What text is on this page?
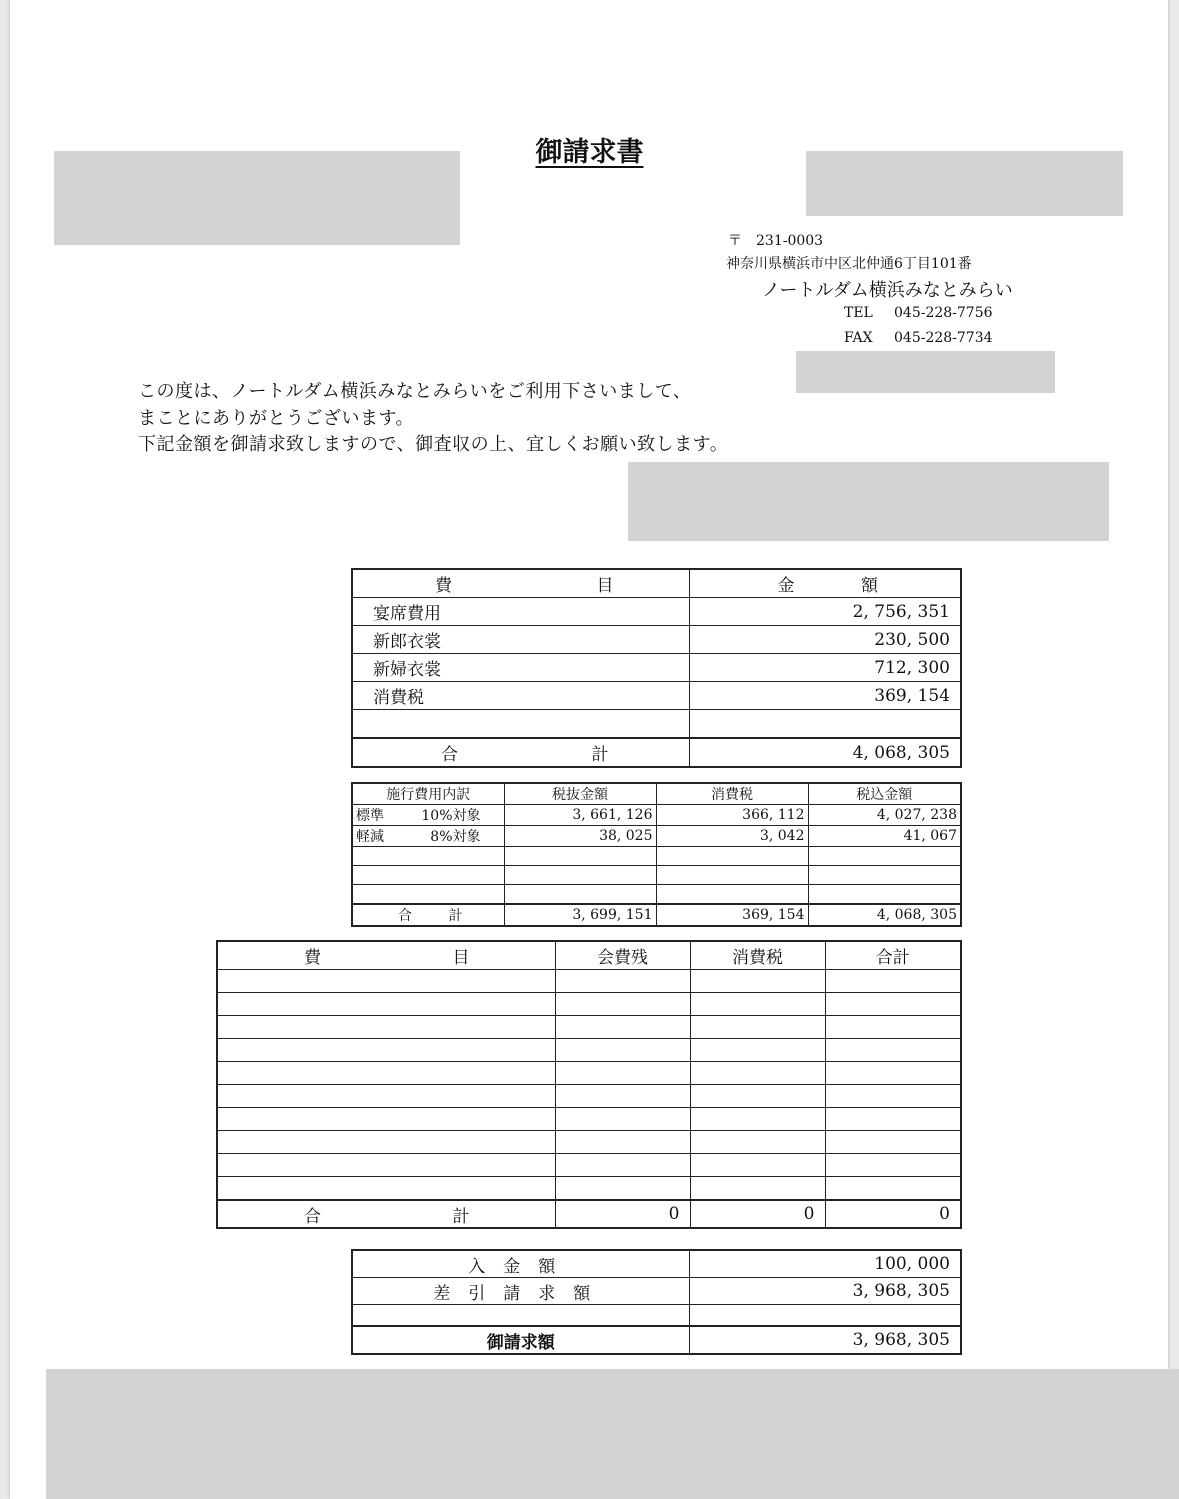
御請求書
〒　231-0003
神奈川県横浜市中区北仲通6丁目101番
ノートルダム横浜みなとみらい
TEL 045-228-7756
FAX 045-228-7734
この度は、ノートルダム横浜みなとみらいをご利用下さいまして、
まことにありがとうございます。
下記金額を御請求致しますので、御査収の上、宜しくお願い致します。
費 目	金 額

宴席費用	2, 756, 351
新郎衣裳	230, 500
新婦衣裳	712, 300
消費税	369, 154

合 計	4, 068, 305
施行費用内訳	税抜金額	消費税	税込金額

標準 10%対象	3, 661, 126	366, 112	4, 027, 238

軽減 8%対象	38, 025	3, 042	41, 067

合 計	3, 699, 151	369, 154	4, 068, 305
費 目	会費残	消費税	合計

合 計	0	0	0
入金額	100, 000
差引請求額	3, 968, 305

御請求額	3, 968, 305
